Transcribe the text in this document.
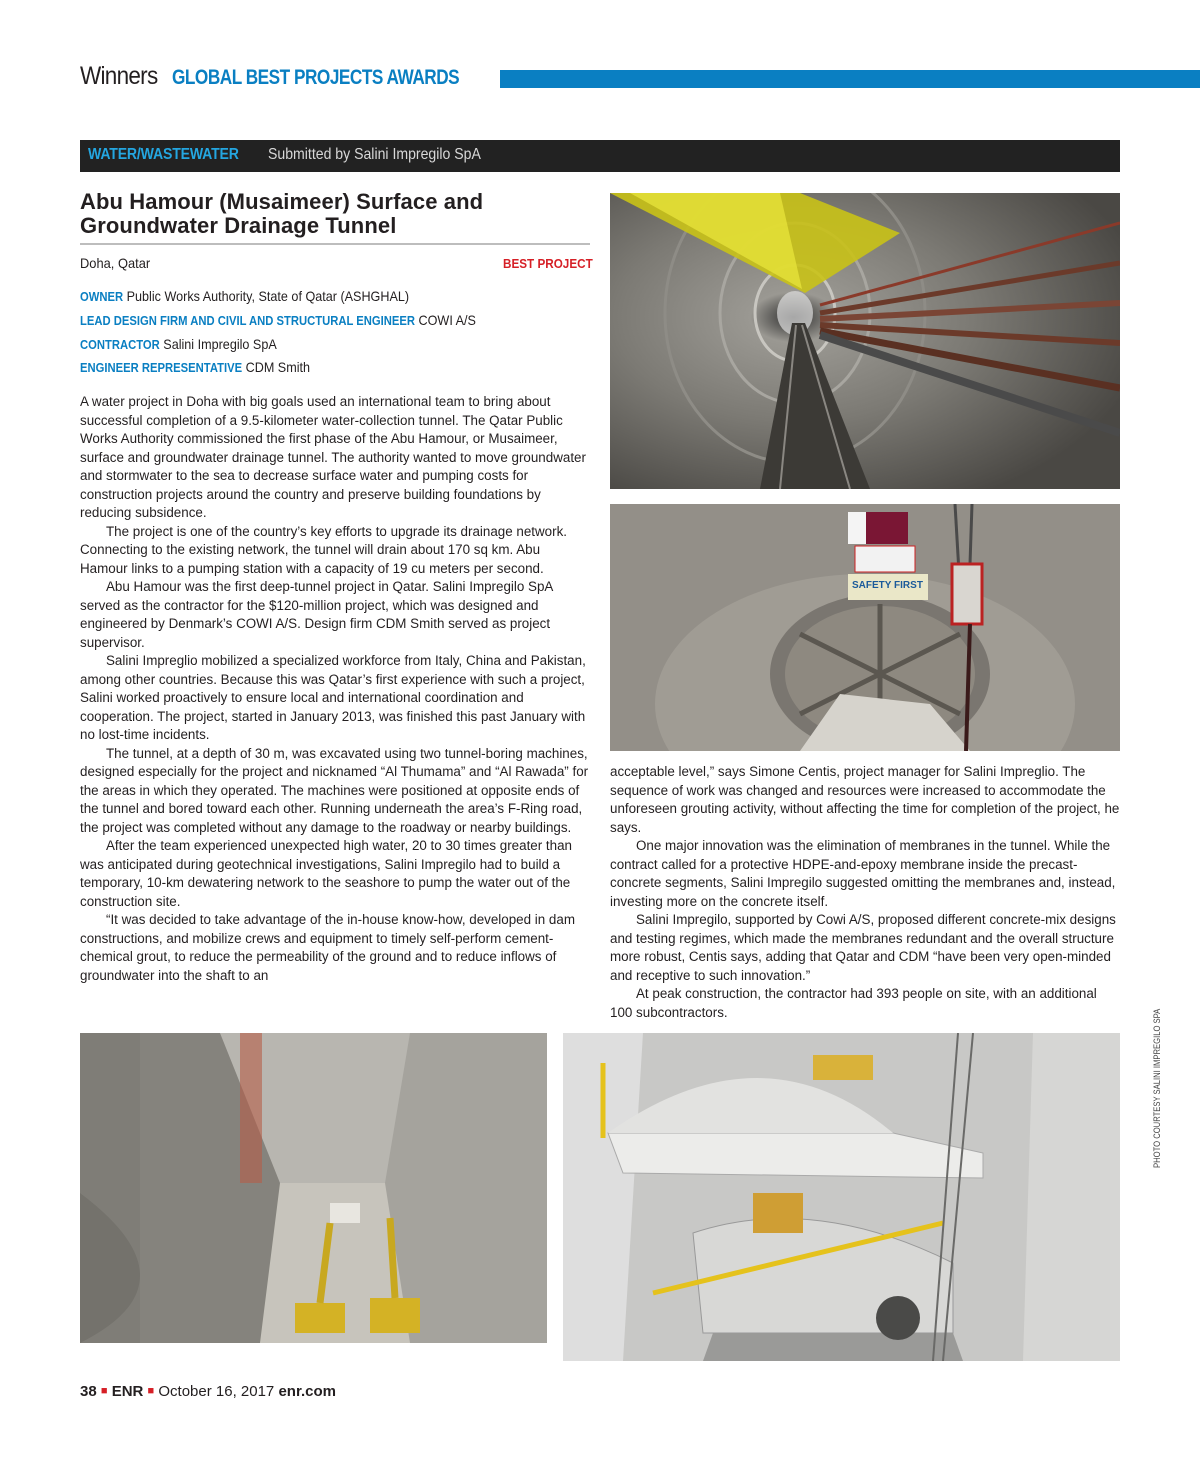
Winners GLOBAL BEST PROJECTS AWARDS
WATER/WASTEWATER Submitted by Salini Impregilo SpA
Abu Hamour (Musaimeer) Surface and
Groundwater Drainage Tunnel
Doha, Qatar	BEST PROJECT
OWNER Public Works Authority, State of Qatar (ASHGHAL)
LEAD DESIGN FIRM AND CIVIL AND STRUCTURAL ENGINEER COWI A/S
CONTRACTOR Salini Impregilo SpA
ENGINEER REPRESENTATIVE CDM Smith

A water project in Doha with big goals used an international team to bring about successful completion of a 9.5-kilometer water-collection tunnel. The Qatar Public Works Authority commissioned the first phase of the Abu Hamour, or Musaimeer, surface and groundwater drainage tunnel. The authority wanted to move groundwater and stormwater to the sea to decrease surface water and pumping costs for construction projects around the country and preserve building foundations by reducing subsidence.

The project is one of the country’s key efforts to upgrade its drainage network. Connecting to the existing network, the tunnel will drain about 170 sq km. Abu Hamour links to a pumping station with a capacity of 19 cu meters per second.

Abu Hamour was the first deep-tunnel project in Qatar. Salini Impregilo SpA served as the contractor for the $120-million project, which was designed and engineered by Denmark’s COWI A/S. Design firm CDM Smith served as project supervisor.

Salini Impreglio mobilized a specialized workforce from Italy, China and Pakistan, among other countries. Because this was Qatar’s first experience with such a project, Salini worked proactively to ensure local and international coordination and cooperation. The project, started in January 2013, was finished this past January with no lost-time incidents.

The tunnel, at a depth of 30 m, was excavated using two tunnel-boring machines, designed especially for the project and nicknamed “Al Thumama” and “Al Rawada” for the areas in which they operated. The machines were positioned at opposite ends of the tunnel and bored toward each other. Running underneath the area’s F-Ring road, the project was completed without any damage to the roadway or nearby buildings.

After the team experienced unexpected high water, 20 to 30 times greater than was anticipated during geotechnical investigations, Salini Impregilo had to build a temporary, 10-km dewatering network to the seashore to pump the water out of the construction site.

“It was decided to take advantage of the in-house know-how, developed in dam constructions, and mobilize crews and equipment to timely self-perform cement-chemical grout, to reduce the permeability of the ground and to reduce inflows of groundwater into the shaft to an

acceptable level,” says Simone Centis, project manager for Salini Impreglio. The sequence of work was changed and resources were increased to accommodate the unforeseen grouting activity, without affecting the time for completion of the project, he says.

One major innovation was the elimination of membranes in the tunnel. While the contract called for a protective HDPE-and-epoxy membrane inside the precast-concrete segments, Salini Impregilo suggested omitting the membranes and, instead, investing more on the concrete itself.

Salini Impregilo, supported by Cowi A/S, proposed different concrete-mix designs and testing regimes, which made the membranes redundant and the overall structure more robust, Centis says, adding that Qatar and CDM “have been very open-minded and receptive to such innovation.”

At peak construction, the contractor had 393 people on site, with an additional 100 subcontractors.

SAFETY FIRST
PHOTO COURTESY SALINI IMPREGILO SPA
38 ■ ENR ■ October 16, 2017 enr.com
